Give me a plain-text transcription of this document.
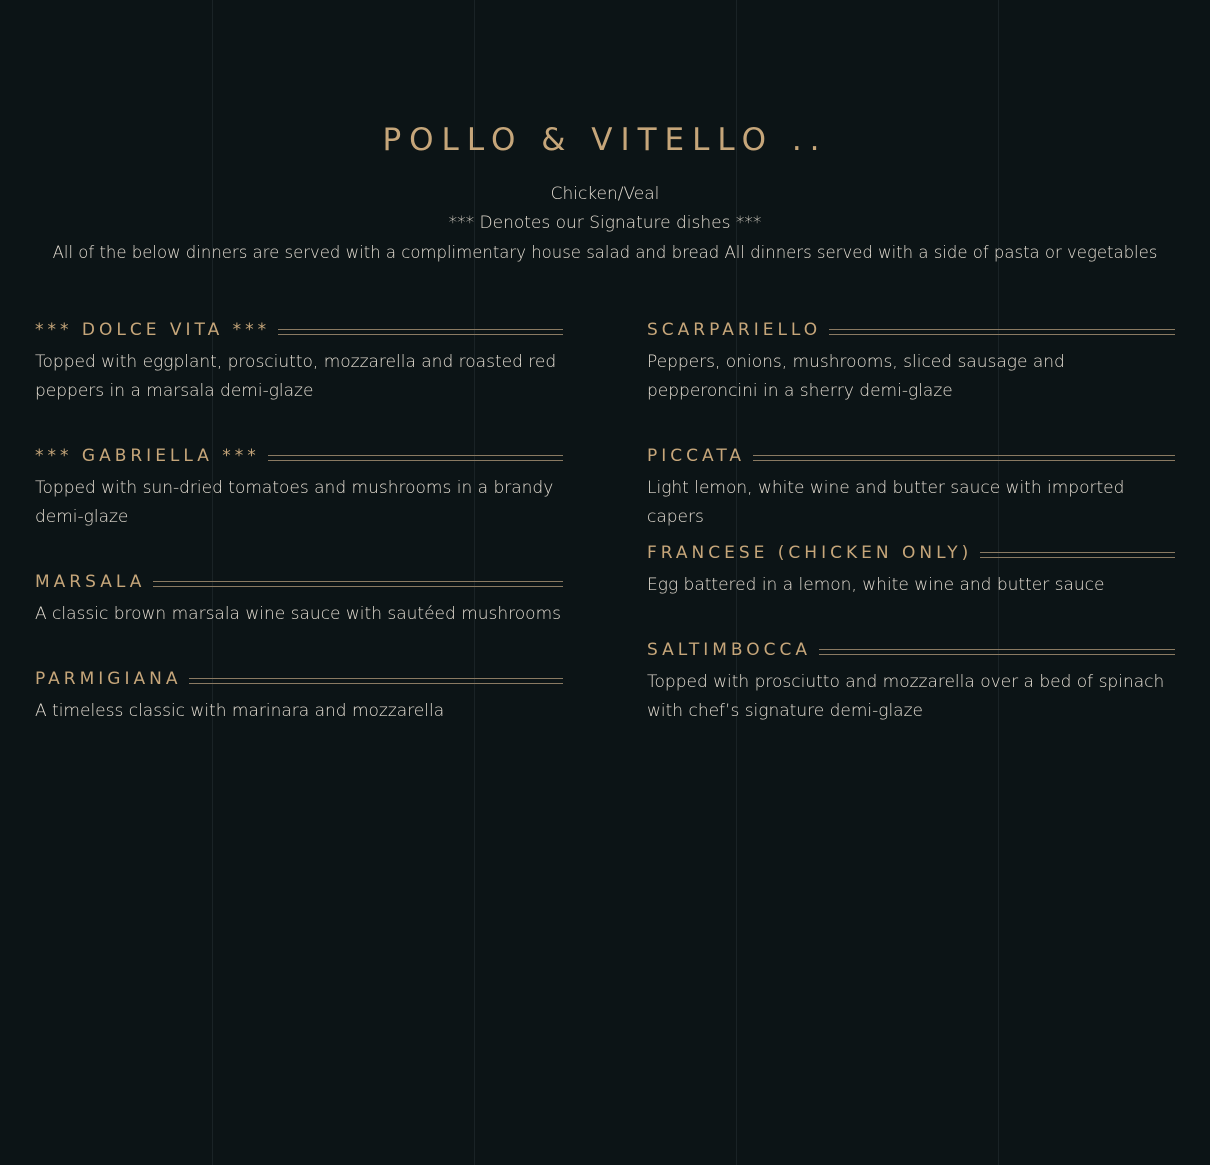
POLLO & VITELLO ..
Chicken/Veal
*** Denotes our Signature dishes ***
All of the below dinners are served with a complimentary house salad and bread All dinners served with a side of pasta or vegetables
*** DOLCE VITA ***
Topped with eggplant, prosciutto, mozzarella and roasted red peppers in a marsala demi-glaze
*** GABRIELLA ***
Topped with sun-dried tomatoes and mushrooms in a brandy demi-glaze
MARSALA
A classic brown marsala wine sauce with sautéed mushrooms
PARMIGIANA
A timeless classic with marinara and mozzarella
SCARPARIELLO
Peppers, onions, mushrooms, sliced sausage and pepperoncini in a sherry demi-glaze
PICCATA
Light lemon, white wine and butter sauce with imported capers
FRANCESE (CHICKEN ONLY)
Egg battered in a lemon, white wine and butter sauce
SALTIMBOCCA
Topped with prosciutto and mozzarella over a bed of spinach with chef’s signature demi-glaze
